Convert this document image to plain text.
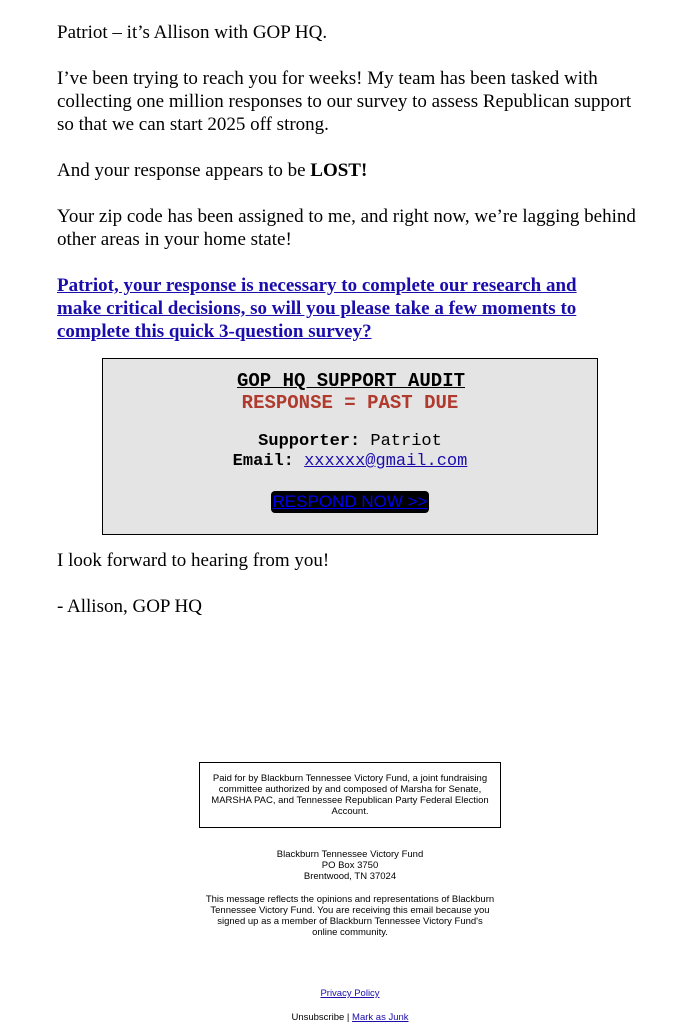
Patriot – it’s Allison with GOP HQ.

I’ve been trying to reach you for weeks! My team has been tasked with collecting one million responses to our survey to assess Republican support so that we can start 2025 off strong.

And your response appears to be LOST!

Your zip code has been assigned to me, and right now, we’re lagging behind other areas in your home state!

Patriot, your response is necessary to complete our research and make critical decisions, so will you please take a few moments to complete this quick 3-question survey?
GOP HQ SUPPORT AUDIT
RESPONSE = PAST DUE
Supporter: Patriot
Email: xxxxxx@gmail.com
RESPOND NOW >>

I look forward to hearing from you!

- Allison, GOP HQ

Paid for by Blackburn Tennessee Victory Fund, a joint fundraising committee authorized by and composed of Marsha for Senate, MARSHA PAC, and Tennessee Republican Party Federal Election Account.
Blackburn Tennessee Victory Fund
PO Box 3750
Brentwood, TN 37024
This message reflects the opinions and representations of Blackburn Tennessee Victory Fund. You are receiving this email because you signed up as a member of Blackburn Tennessee Victory Fund's online community.
Privacy Policy
Unsubscribe | Mark as Junk
